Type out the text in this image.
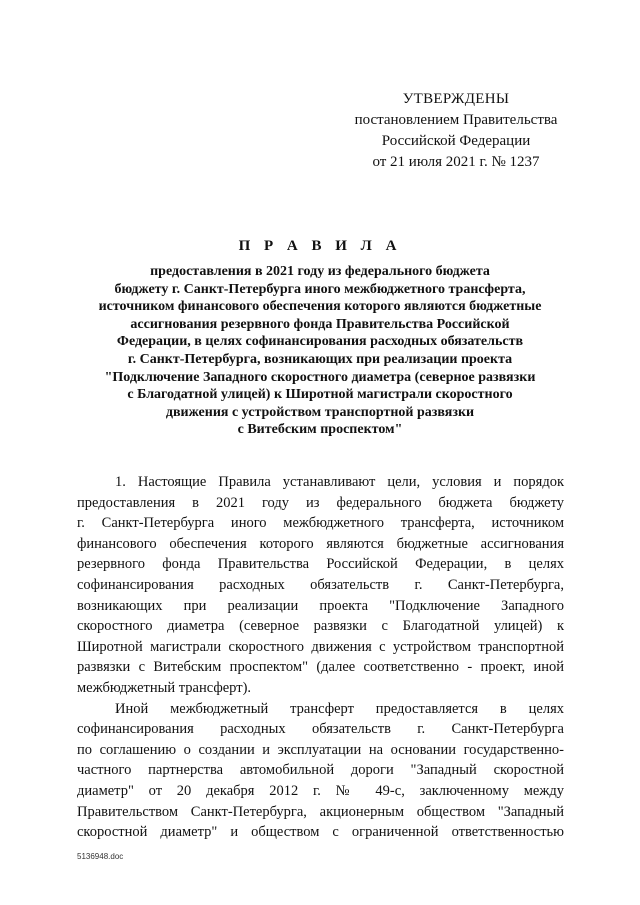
УТВЕРЖДЕНЫ
постановлением Правительства
Российской Федерации
от 21 июля 2021 г. № 1237
П Р А В И Л А
предоставления в 2021 году из федерального бюджета
бюджету г. Санкт-Петербурга иного межбюджетного трансферта,
источником финансового обеспечения которого являются бюджетные
ассигнования резервного фонда Правительства Российской
Федерации, в целях софинансирования расходных обязательств
г. Санкт-Петербурга, возникающих при реализации проекта
"Подключение Западного скоростного диаметра (северное развязки
с Благодатной улицей) к Широтной магистрали скоростного
движения с устройством транспортной развязки
с Витебским проспектом"
1. Настоящие Правила устанавливают цели, условия и порядок
предоставления в 2021 году из федерального бюджета бюджету
г. Санкт-Петербурга иного межбюджетного трансферта, источником
финансового обеспечения которого являются бюджетные ассигнования
резервного фонда Правительства Российской Федерации, в целях
софинансирования расходных обязательств г. Санкт-Петербурга,
возникающих при реализации проекта "Подключение Западного
скоростного диаметра (северное развязки с Благодатной улицей) к
Широтной магистрали скоростного движения с устройством транспортной
развязки с Витебским проспектом" (далее соответственно - проект, иной
межбюджетный трансферт).
Иной межбюджетный трансферт предоставляется в целях
софинансирования расходных обязательств г. Санкт-Петербурга
по соглашению о создании и эксплуатации на основании государственно-
частного партнерства автомобильной дороги "Западный скоростной
диаметр" от 20 декабря 2012 г. № 49-с, заключенному между
Правительством Санкт-Петербурга, акционерным обществом "Западный
скоростной диаметр" и обществом с ограниченной ответственностью
5136948.doc
